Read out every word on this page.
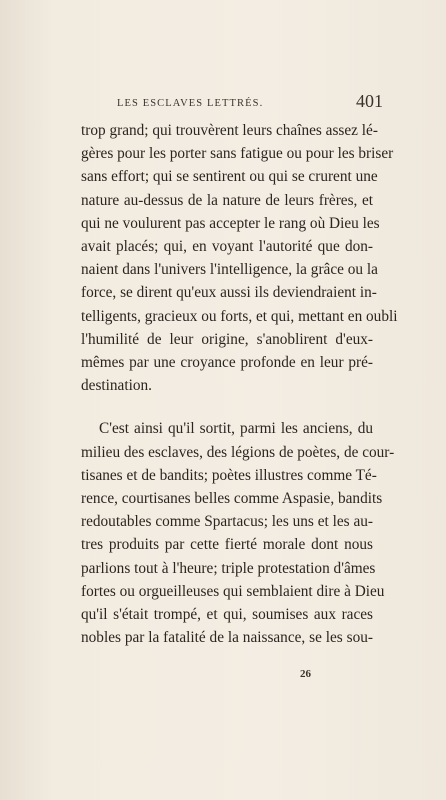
LES ESCLAVES LETTRÉS.	401

trop grand; qui trouvèrent leurs chaînes assez lé-
gères pour les porter sans fatigue ou pour les briser
sans effort; qui se sentirent ou qui se crurent une
nature au-dessus de la nature de leurs frères, et
qui ne voulurent pas accepter le rang où Dieu les
avait placés; qui, en voyant l'autorité que don-
naient dans l'univers l'intelligence, la grâce ou la
force, se dirent qu'eux aussi ils deviendraient in-
telligents, gracieux ou forts, et qui, mettant en oubli
l'humilité de leur origine, s'anoblirent d'eux-
mêmes par une croyance profonde en leur pré-
destination.

C'est ainsi qu'il sortit, parmi les anciens, du
milieu des esclaves, des légions de poètes, de cour-
tisanes et de bandits; poètes illustres comme Té-
rence, courtisanes belles comme Aspasie, bandits
redoutables comme Spartacus; les uns et les au-
tres produits par cette fierté morale dont nous
parlions tout à l'heure; triple protestation d'âmes
fortes ou orgueilleuses qui semblaient dire à Dieu
qu'il s'était trompé, et qui, soumises aux races
nobles par la fatalité de la naissance, se les sou-

26
